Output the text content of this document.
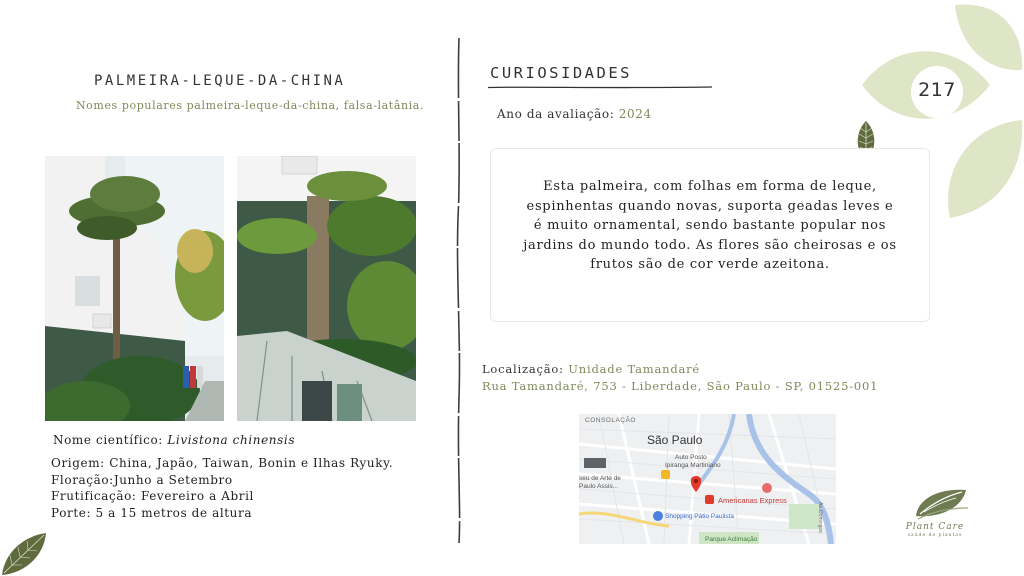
PALMEIRA-LEQUE-DA-CHINA
Nomes populares palmeira-leque-da-china, falsa-latânia.
Nome científico: Livistona chinensis
Origem: China, Japão, Taiwan, Bonin e Ilhas Ryuky.
Floração:Junho a Setembro
Frutificação: Fevereiro a Abril
Porte: 5 a 15 metros de altura
CURIOSIDADES
Ano da avaliação: 2024
Esta palmeira, com folhas em forma de leque, espinhentas quando novas, suporta geadas leves e é muito ornamental, sendo bastante popular nos jardins do mundo todo. As flores são cheirosas e os frutos são de cor verde azeitona.
Localização: Unidade Tamandaré
Rua Tamandaré, 753 - Liberdade, São Paulo - SP, 01525-001
CONSOLAÇÃO
São Paulo
Auto Posto
Ipiranga Martiniano
seu de Arte de
Paulo Assis...
Americanas Express
Shopping Pátio Paulista
Parque Aclimação
Av. Domingos
217
Plant Care
saúde de plantas
